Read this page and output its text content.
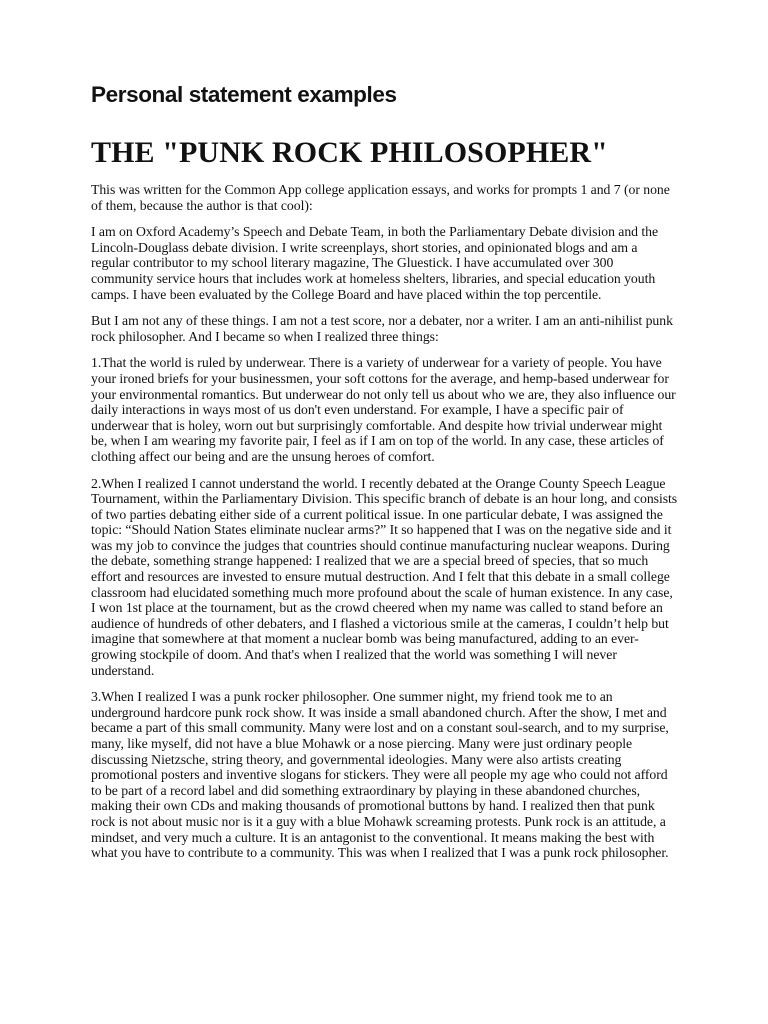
Personal statement examples
THE "PUNK ROCK PHILOSOPHER"

This was written for the Common App college application essays, and works for prompts 1 and 7 (or none of them, because the author is that cool):

I am on Oxford Academy’s Speech and Debate Team, in both the Parliamentary Debate division and the Lincoln-Douglass debate division. I write screenplays, short stories, and opinionated blogs and am a regular contributor to my school literary magazine, The Gluestick. I have accumulated over 300 community service hours that includes work at homeless shelters, libraries, and special education youth camps. I have been evaluated by the College Board and have placed within the top percentile.

But I am not any of these things. I am not a test score, nor a debater, nor a writer. I am an anti-nihilist punk rock philosopher. And I became so when I realized three things:

1.That the world is ruled by underwear. There is a variety of underwear for a variety of people. You have your ironed briefs for your businessmen, your soft cottons for the average, and hemp-based underwear for your environmental romantics. But underwear do not only tell us about who we are, they also influence our daily interactions in ways most of us don't even understand. For example, I have a specific pair of underwear that is holey, worn out but surprisingly comfortable. And despite how trivial underwear might be, when I am wearing my favorite pair, I feel as if I am on top of the world. In any case, these articles of clothing affect our being and are the unsung heroes of comfort.

2.When I realized I cannot understand the world. I recently debated at the Orange County Speech League Tournament, within the Parliamentary Division. This specific branch of debate is an hour long, and consists of two parties debating either side of a current political issue. In one particular debate, I was assigned the topic: “Should Nation States eliminate nuclear arms?” It so happened that I was on the negative side and it was my job to convince the judges that countries should continue manufacturing nuclear weapons. During the debate, something strange happened: I realized that we are a special breed of species, that so much effort and resources are invested to ensure mutual destruction. And I felt that this debate in a small college classroom had elucidated something much more profound about the scale of human existence. In any case, I won 1st place at the tournament, but as the crowd cheered when my name was called to stand before an audience of hundreds of other debaters, and I flashed a victorious smile at the cameras, I couldn’t help but imagine that somewhere at that moment a nuclear bomb was being manufactured, adding to an ever-growing stockpile of doom. And that's when I realized that the world was something I will never understand.

3.When I realized I was a punk rocker philosopher. One summer night, my friend took me to an underground hardcore punk rock show. It was inside a small abandoned church. After the show, I met and became a part of this small community. Many were lost and on a constant soul-search, and to my surprise, many, like myself, did not have a blue Mohawk or a nose piercing. Many were just ordinary people discussing Nietzsche, string theory, and governmental ideologies. Many were also artists creating promotional posters and inventive slogans for stickers. They were all people my age who could not afford to be part of a record label and did something extraordinary by playing in these abandoned churches, making their own CDs and making thousands of promotional buttons by hand. I realized then that punk rock is not about music nor is it a guy with a blue Mohawk screaming protests. Punk rock is an attitude, a mindset, and very much a culture. It is an antagonist to the conventional. It means making the best with what you have to contribute to a community. This was when I realized that I was a punk rock philosopher.
